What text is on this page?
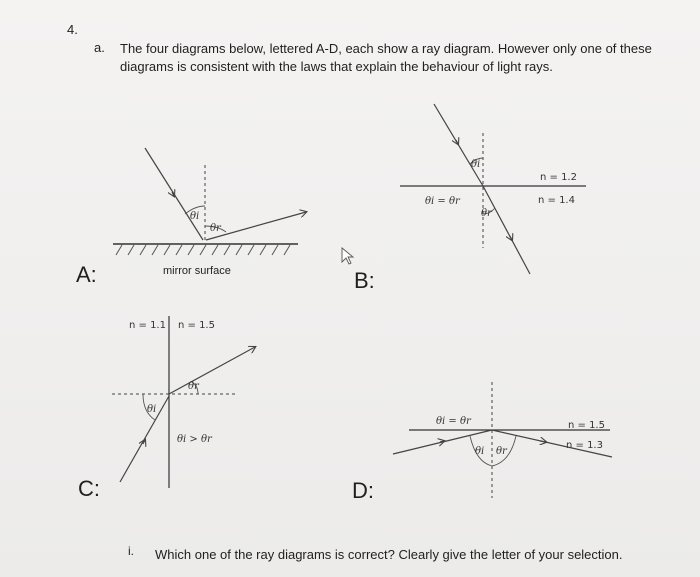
4.
a. The four diagrams below, lettered A-D, each show a ray diagram. However only one of these diagrams is consistent with the laws that explain the behaviour of light rays.
A:	B:
C:	D:
i. Which one of the ray diagrams is correct? Clearly give the letter of your selection.
θi
θr
mirror surface
θi
θr
θi = θr
n = 1.2
n = 1.4
θi
θr
θi > θr
n = 1.1 n = 1.5
θi θr
θi = θr	n = 1.5
n = 1.3
